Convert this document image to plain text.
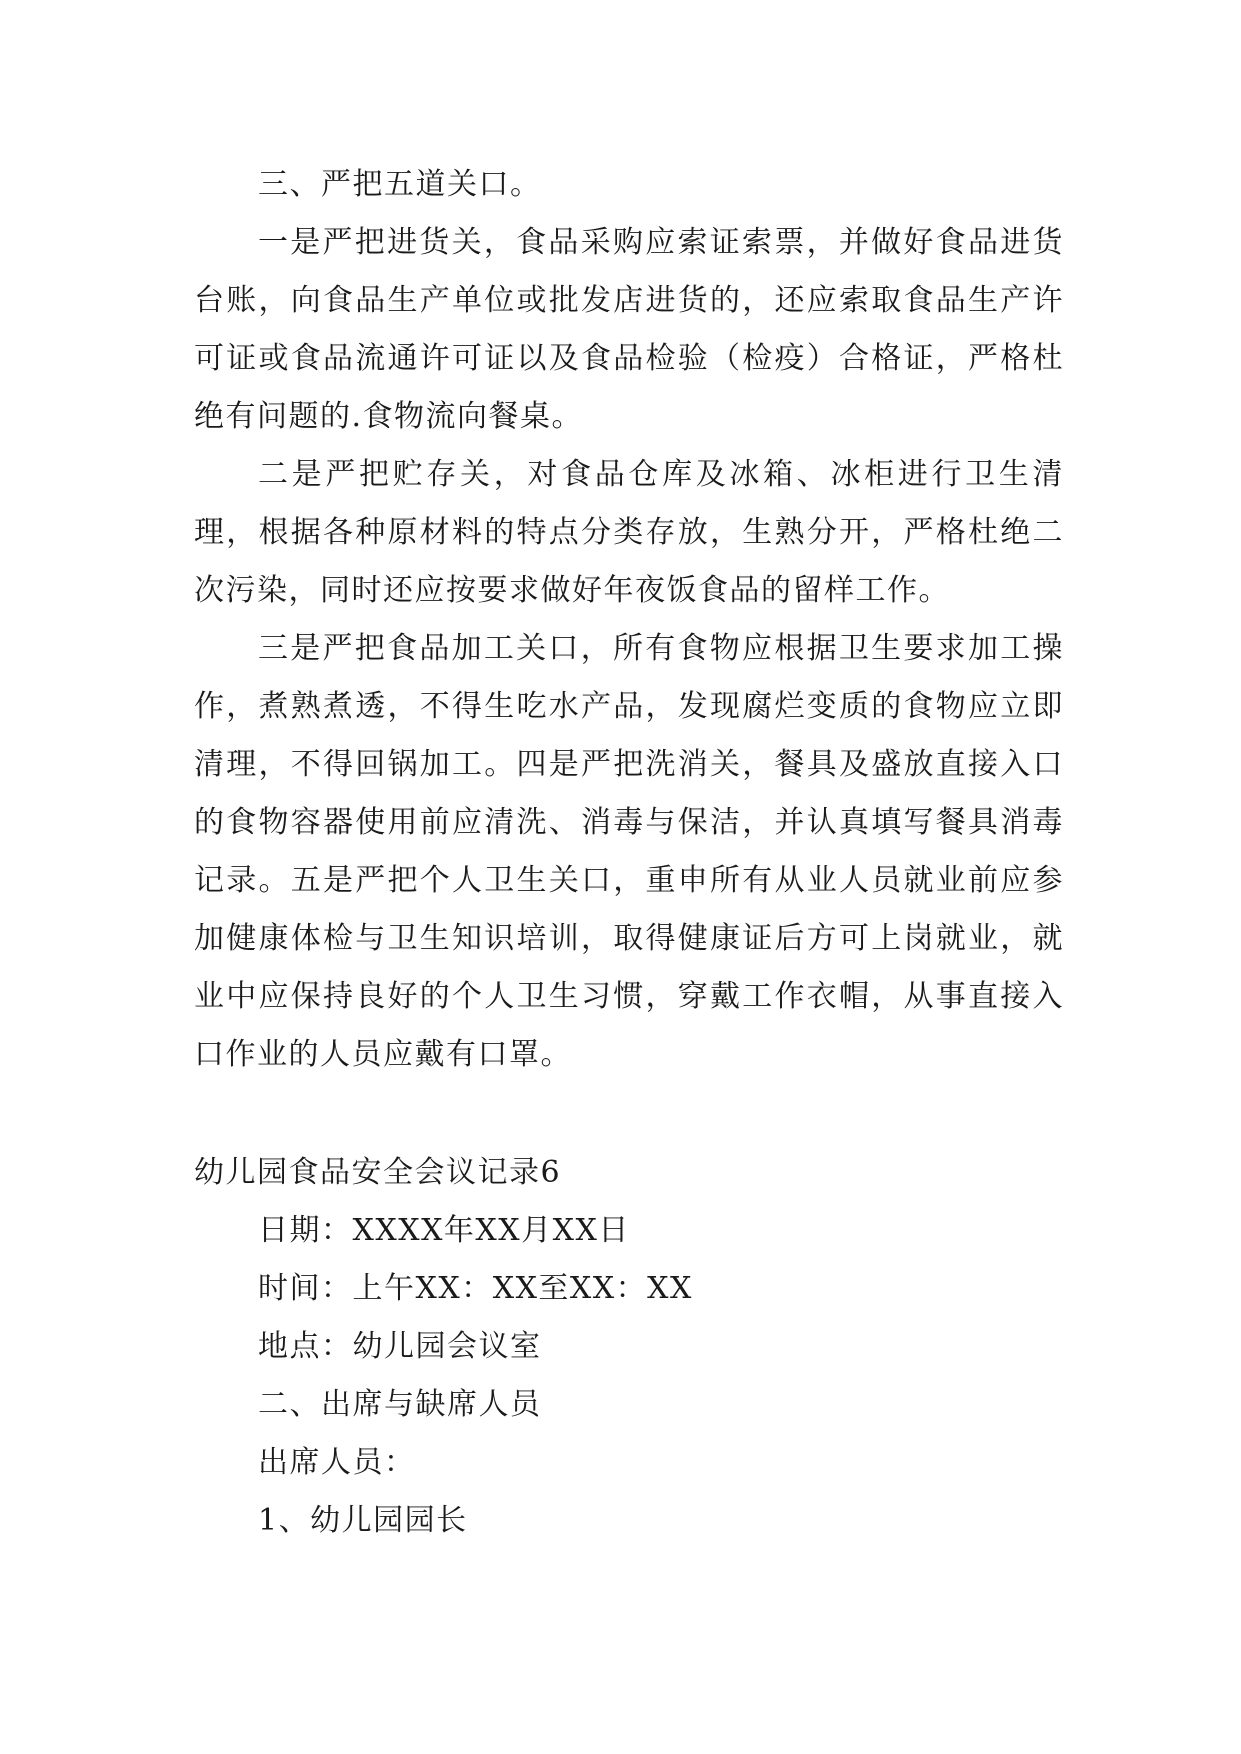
三、严把五道关口。

一是严把进货关，食品采购应索证索票，并做好食品进货台账，向食品生产单位或批发店进货的，还应索取食品生产许可证或食品流通许可证以及食品检验（检疫）合格证，严格杜绝有问题的.食物流向餐桌。

二是严把贮存关，对食品仓库及冰箱、冰柜进行卫生清理，根据各种原材料的特点分类存放，生熟分开，严格杜绝二次污染，同时还应按要求做好年夜饭食品的留样工作。

三是严把食品加工关口，所有食物应根据卫生要求加工操作，煮熟煮透，不得生吃水产品，发现腐烂变质的食物应立即清理，不得回锅加工。四是严把洗消关，餐具及盛放直接入口的食物容器使用前应清洗、消毒与保洁，并认真填写餐具消毒记录。五是严把个人卫生关口，重申所有从业人员就业前应参加健康体检与卫生知识培训，取得健康证后方可上岗就业，就业中应保持良好的个人卫生习惯，穿戴工作衣帽，从事直接入口作业的人员应戴有口罩。

幼儿园食品安全会议记录6

日期：XXXX年XX月XX日

时间：上午XX：XX至XX：XX

地点：幼儿园会议室

二、出席与缺席人员

出席人员：

1、幼儿园园长
